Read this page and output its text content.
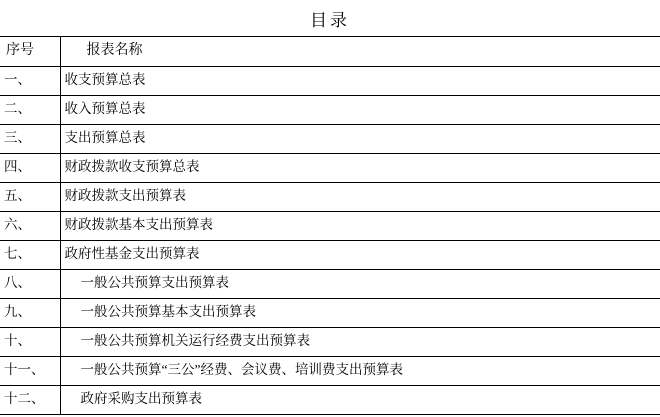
目录
序号	报表名称
一、	收支预算总表
二、	收入预算总表
三、	支出预算总表
四、	财政拨款收支预算总表
五、	财政拨款支出预算表
六、	财政拨款基本支出预算表
七、	政府性基金支出预算表
八、	一般公共预算支出预算表
九、	一般公共预算基本支出预算表
十、	一般公共预算机关运行经费支出预算表
十一、	一般公共预算“三公”经费、会议费、培训费支出预算表
十二、	政府采购支出预算表
